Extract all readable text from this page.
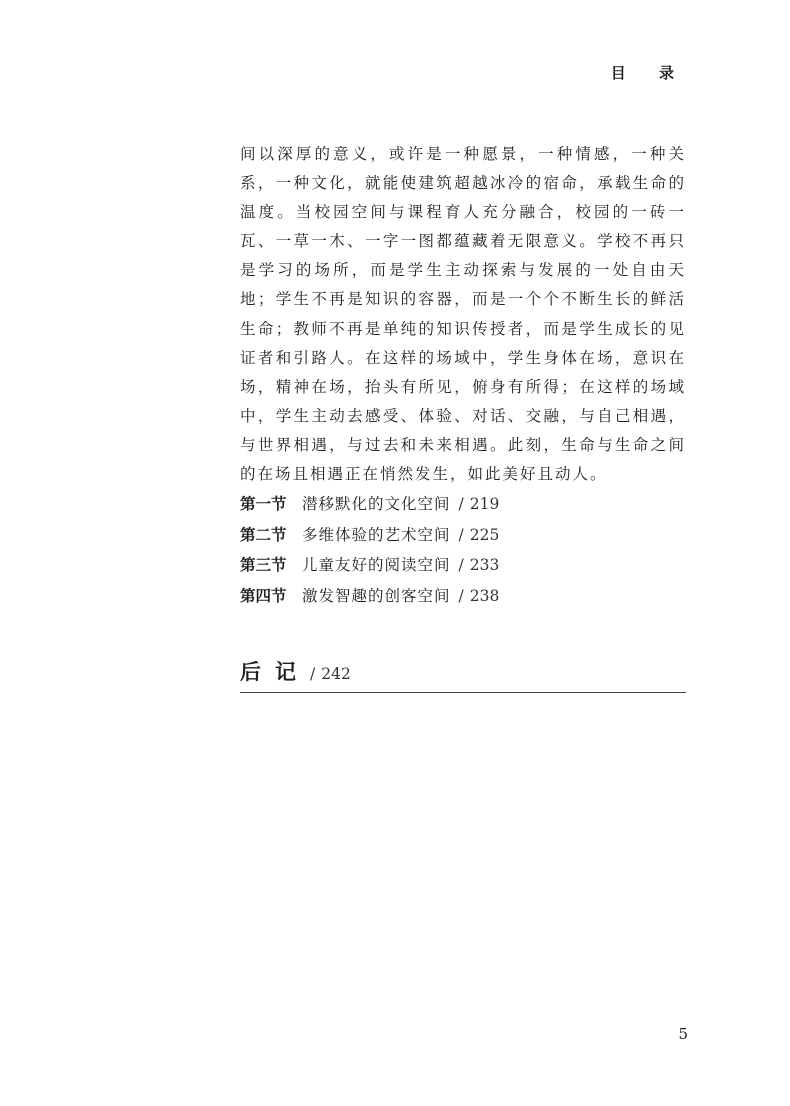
目 录

间以深厚的意义，或许是一种愿景，一种情感，一种关系，一种文化，就能使建筑超越冰冷的宿命，承载生命的温度。当校园空间与课程育人充分融合，校园的一砖一瓦、一草一木、一字一图都蕴藏着无限意义。学校不再只是学习的场所，而是学生主动探索与发展的一处自由天地；学生不再是知识的容器，而是一个个不断生长的鲜活生命；教师不再是单纯的知识传授者，而是学生成长的见证者和引路人。在这样的场域中，学生身体在场，意识在场，精神在场，抬头有所见，俯身有所得；在这样的场域中，学生主动去感受、体验、对话、交融，与自己相遇，与世界相遇，与过去和未来相遇。此刻，生命与生命之间的在场且相遇正在悄然发生，如此美好且动人。

第一节 潜移默化的文化空间 / 219
第二节 多维体验的艺术空间 / 225
第三节 儿童友好的阅读空间 / 233
第四节 激发智趣的创客空间 / 238
后记 / 242
5
